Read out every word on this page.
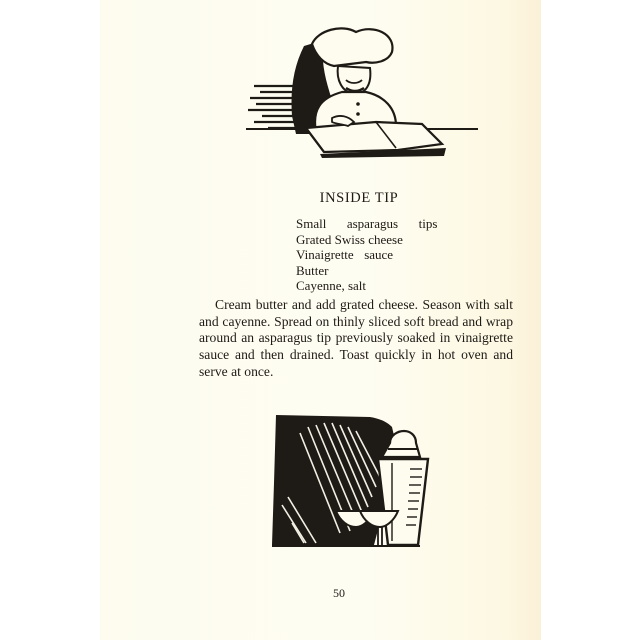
INSIDE TIP
Small  asparagus  tips
Grated Swiss cheese
Vinaigrette  sauce
Butter
Cayenne, salt

Cream butter and add grated cheese. Season with salt and cayenne. Spread on thinly sliced soft bread and wrap around an asparagus tip previously soaked in vinaigrette sauce and then drained. Toast quickly in hot oven and serve at once.

50
